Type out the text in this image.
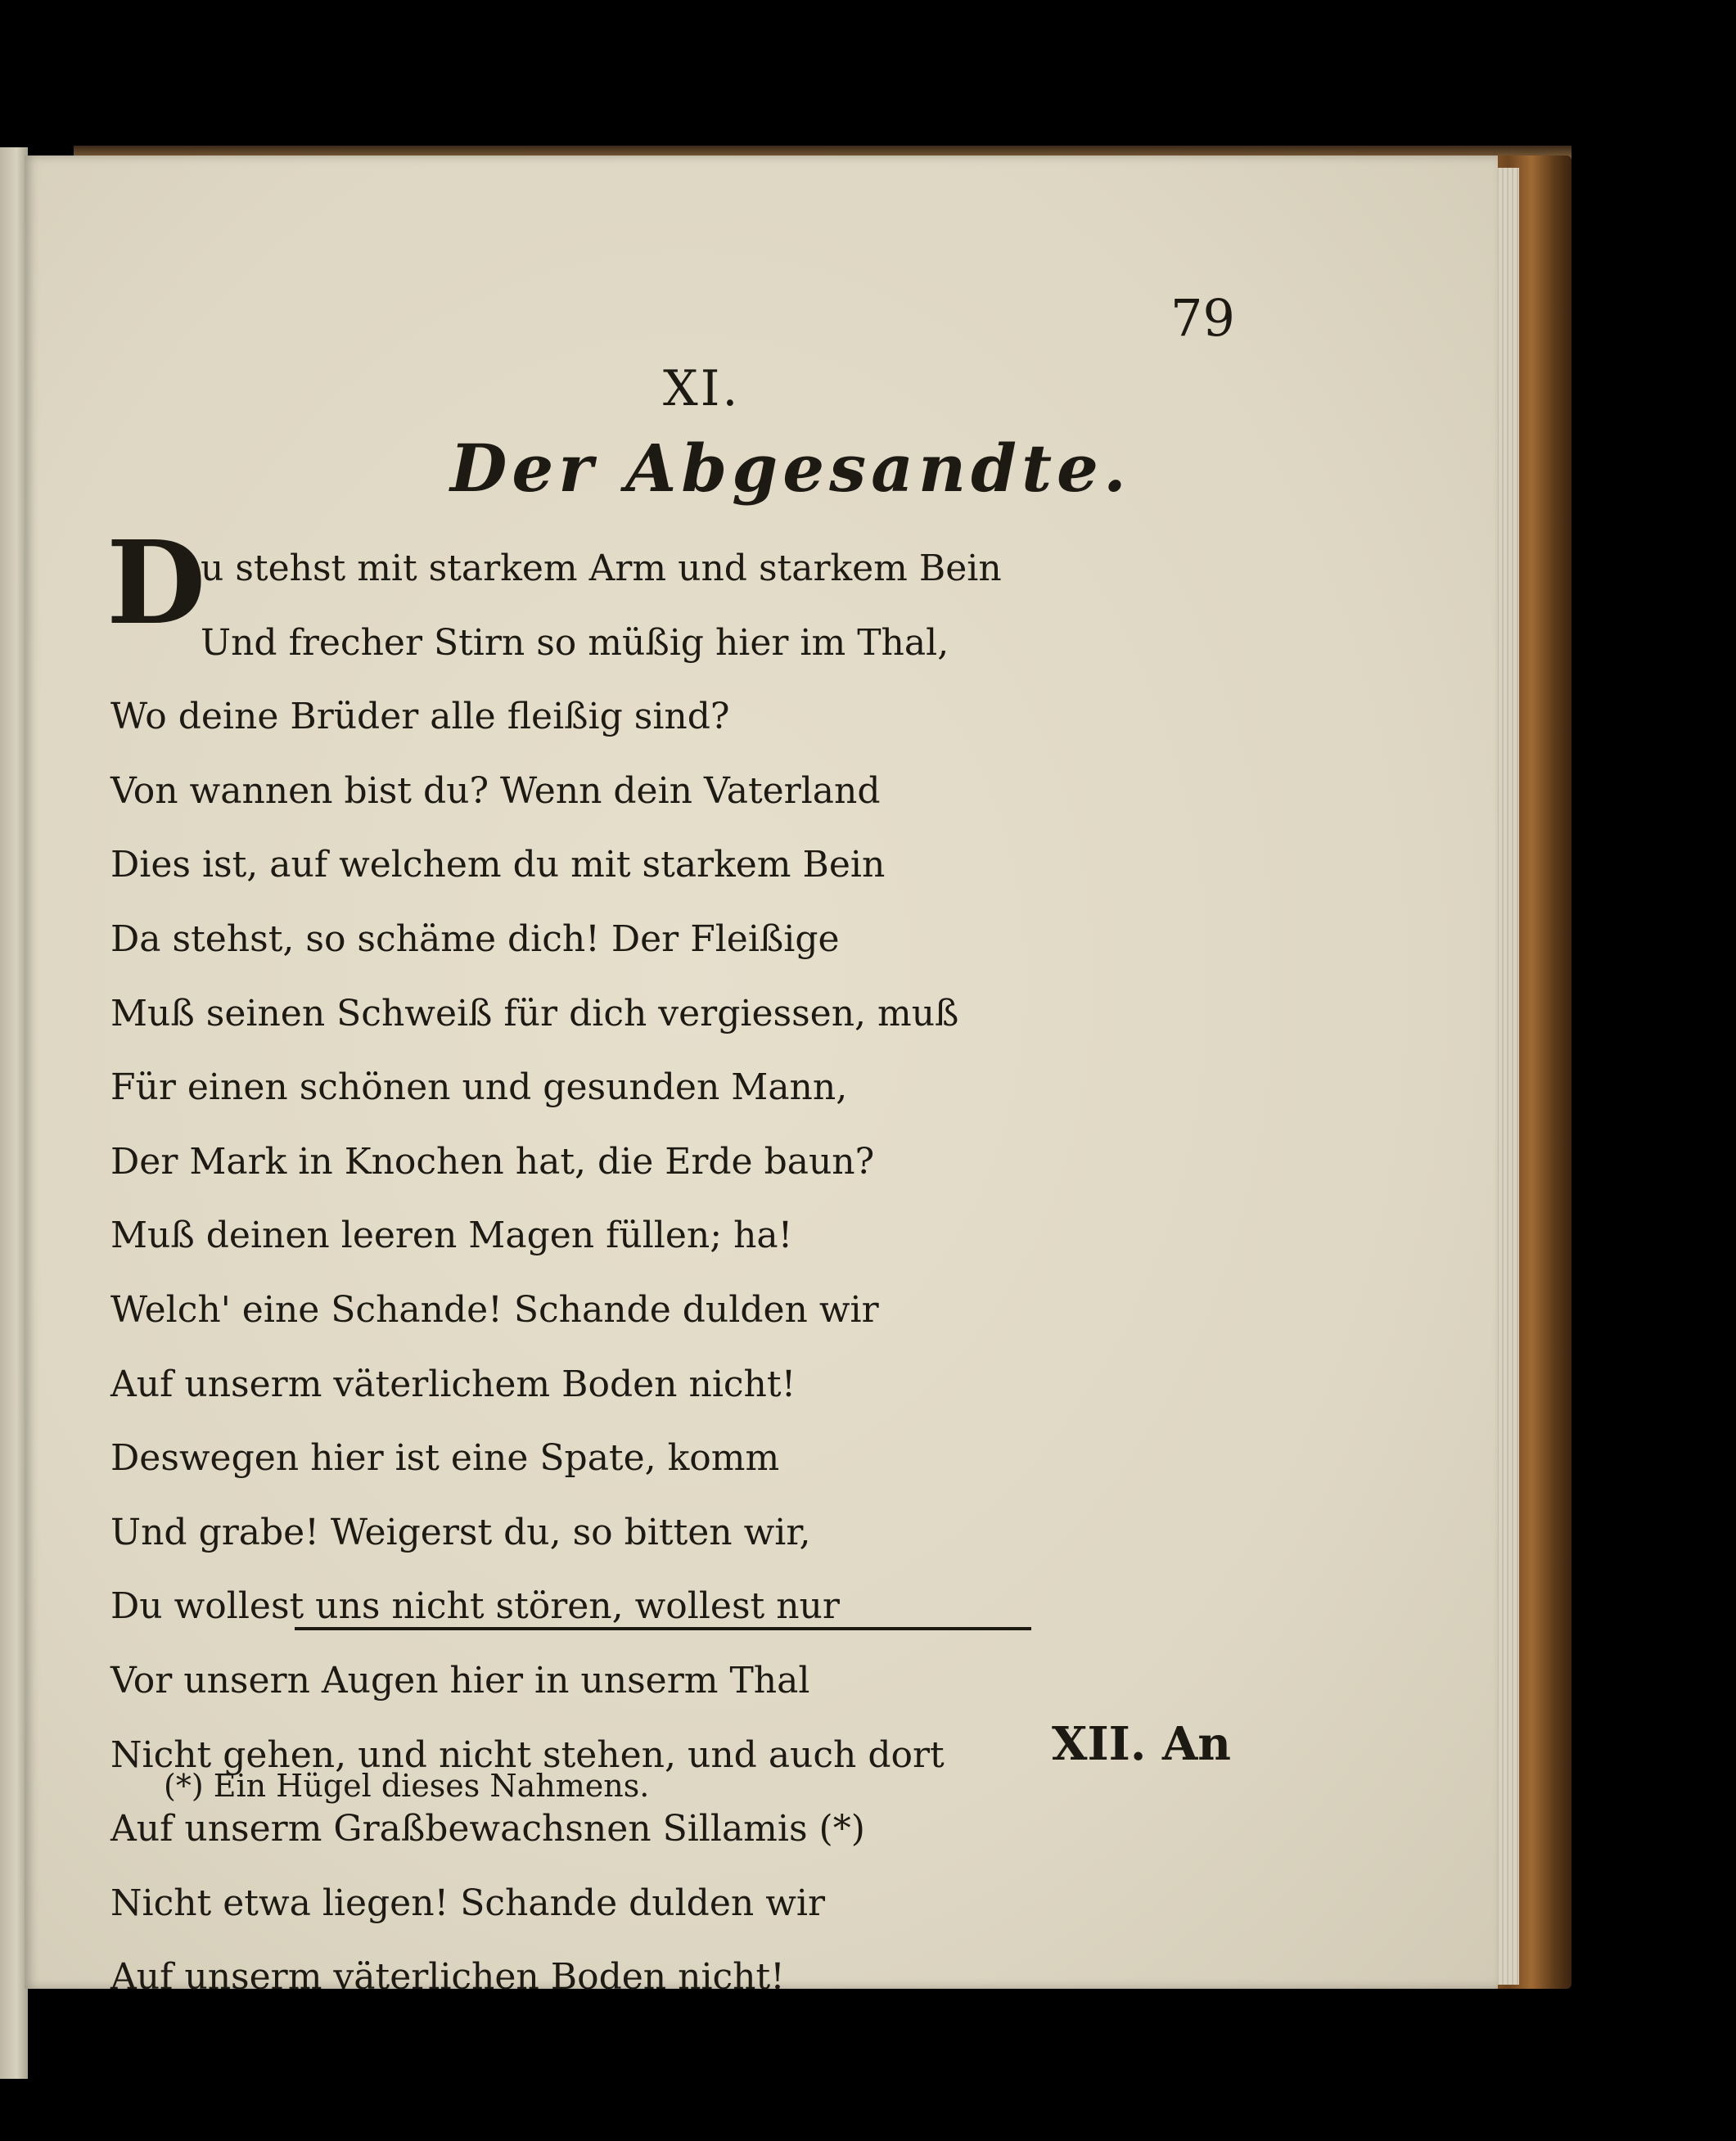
79
XI.
Der Abgesandte.
D
u stehst mit starkem Arm und starkem Bein
Und frecher Stirn so müßig hier im Thal,
Wo deine Brüder alle fleißig sind?
Von wannen bist du? Wenn dein Vaterland
Dies ist, auf welchem du mit starkem Bein
Da stehst, so schäme dich! Der Fleißige
Muß seinen Schweiß für dich vergiessen, muß
Für einen schönen und gesunden Mann,
Der Mark in Knochen hat, die Erde baun?
Muß deinen leeren Magen füllen; ha!
Welch' eine Schande! Schande dulden wir
Auf unserm väterlichem Boden nicht!
Deswegen hier ist eine Spate, komm
Und grabe! Weigerst du, so bitten wir,
Du wollest uns nicht stören, wollest nur
Vor unsern Augen hier in unserm Thal
Nicht gehen, und nicht stehen, und auch dort
Auf unserm Graßbewachsnen Sillamis (*)
Nicht etwa liegen! Schande dulden wir
Auf unserm väterlichen Boden nicht!
XII. An
(*) Ein Hügel dieses Nahmens.
